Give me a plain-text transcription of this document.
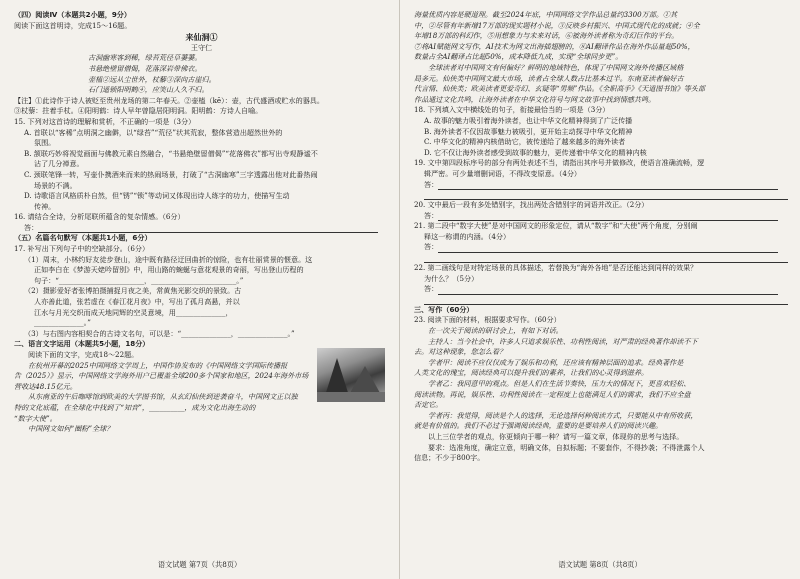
（四）阅读Ⅳ（本题共2小题，9分）
阅读下面这首明诗，完成15～16题。
来仙洞①
王守仁
古洞幽寒客到稀，绿苔荒径草萋萋。
书悬绝壁留僧偈，花落深岩带佛衣。
壶榼②远从尘世外，杖藜③深向古崖归。
石门遥锁阳明鹤④，应笑山人久不归。
【注】①此诗作于诗人被贬至贵州龙场的第二年春天。②壶榼（kē）：壶，古代盛酒或贮水的器具。
③杖藜：拄着手杖。④阳明鹤：诗人早年曾隐居阳明洞。阳明鹤：方诗人自喻。
15. 下列对这首诗的理解和赏析，不正确的一项是（3分）
A. 首联以“客稀”点明洞之幽僻，以“绿苔”“荒径”状其荒寂，整体营造出超然世外的
氛围。
B. 颔联巧妙将视觉画面与佛教元素自然融合，“书悬绝壁留僧偈”“花落佛衣”都写出寺观静谧不
沾了几分禅意。
C. 颈联笔锋一转，写壶仆携酒来而来的热闹场景，打破了“古洞幽寒”三字透露出他对此番热闹
场景的不满。
D. 诗歌语言风格质朴自然，但“锈”“锁”等动词又体现出诗人练字的功力，使描写生动
传神。
16. 请结合全诗，分析尾联所蕴含的复杂情感。（6分）
答：
（五）名篇名句默写（本题共1小题，6分）
17. 补写出下列句子中的空缺部分。（6分）
（1）周末，小林约好友徒步登山，途中既有路径迂回曲折的惊险，也有壮丽赏景的惬意。这
正如李白在《梦游天姥吟留别》中，用山路的蜿蜒与意花观景的奇丽，写出登山历程的
句子：“________________________，________________________。”
（2）摄影爱好者张博拍摄捕捉月夜之美，常黄焦光影交织的景致。古
人亦善此道，张若虚在《春江花月夜》中，写出了孤月高悬，并以
江水与月光交织而成天地同辉的空灵意境，用______________，
______________。”
（3）与右图内容相契合的古诗文名句，可以是：“______________，______________。”
二、语言文字运用（本题共5小题，18分）
阅读下面的文字，完成18～22题。
在杭州开幕的2025中国网络文学周上，中国作协发布的《中国网络文学国际传播报
告（2025）》显示，中国网络文学海外用户已覆盖全球200多个国家和地区，2024年海外市场
营收达48.15亿元。
从东南亚的午后咖啡馆到欧美的大学图书馆，从玄幻仙侠到逆袭奋斗，中国网文正以独
特的文化底蕴，在全球化中找到了“知音”，__________，成为文化出海生动的
“数字大使”。
中国网文如何“圈粉”全球？
语文试题 第7页（共8页）
海量优质内容是硬道理。截至2024年底，中国网络文学作品总量约3300万部。①其
中，②尽管有年新增17万部的现实题材小说，③反映乡村振兴、中国式现代化的成就；④全
年增18万部的科幻作，⑤用想象力与未来对话，⑥被海外读者称为奇幻巨作的平台。
⑦将AI赋能网文写作，AI技术为网文出海插翅膀的，⑧AI翻译作品在海外作品量超50%，
数量占全AI翻译占比超50%，成本降低九成，实现“全球同步更”。
全球读者对中国网文有何偏好？鲜明的地域特色，体现了中国网文海外传播区域格
局多元。仙侠类中国网文最大市场，读者占全球人数占比基本过半。东南亚读者偏好古
代言情、仙侠类；欧美读者更爱奇幻、玄疑等“男频”作品。《全职高手》《天道图书馆》等头部
作品通过文化共鸣，让海外读者在中华文化符号与网文故事中找到情感共鸣。
18. 下列填入文中横线处的句子，衔接最恰当的一项是（3分）
A. 故事的魅力吸引着海外读者，也让中华文化精神得到了广泛传播
B. 海外读者不仅因故事魅力被吸引，更开始主动探寻中华文化精神
C. 中华文化的精神内核借助它，被传递给了越来越多的海外读者
D. 它不仅让海外读者感受到故事的魅力，更传递着中华文化的精神内核
19. 文中第四段标序号的部分有两处表述不当，请指出其序号并做修改，使语言准确流畅，逻
辑严密。可少量增删词语，不得改变原意。（4分）
答：
20. 文中最后一段有多处错别字，找出两处含错别字的词语并改正。（2分）
答：
21. 第二段中“数字大使”是对中国网文的形象定位，请从“数字”和“大使”两个角度，分别阐
释这一称谓的内涵。（4分）
答：
22. 第二画线句是对特定场景的具体描述，若替换为“海外各地”是否还能达到同样的效果？
为什么？（5分）
答：
三、写作（60分）
23. 阅读下面的材料，根据要求写作。（60分）
在一次关于阅读的研讨会上，有如下对话。
主持人：当今社会中，许多人只追求娱乐性、功利性阅读，对严肃的经典著作却读不下
去。对这种现象，您怎么看？
学者甲：阅读不应仅仅成为了娱乐和功利，还应该有精神层面的追求。经典著作是
人类文化的瑰宝，阅读经典可以提升我们的素养，让我们的心灵得到滋养。
学者乙：我同意甲的观点。但是人们在生活节奏快，压力大的情况下，更喜欢轻松、
阅读读物。再说，娱乐性、功利性阅读在一定程度上也能满足人们的需求，我们不应全盘
否定它。
学者丙：我觉得，阅读是个人的选择，无论选择何种阅读方式，只要能从中有所收获，
就是有价值的。我们不必过于强调阅读经典，重要的是要培养人们的阅读兴趣。
以上三位学者的观点，你更倾向于哪一种？请写一篇文章，体现你的思考与选择。
要求：选准角度，确定立意，明确文体，自拟标题；不要套作，不得抄袭；不得泄露个人
信息；不少于800字。
语文试题 第8页（共8页）
